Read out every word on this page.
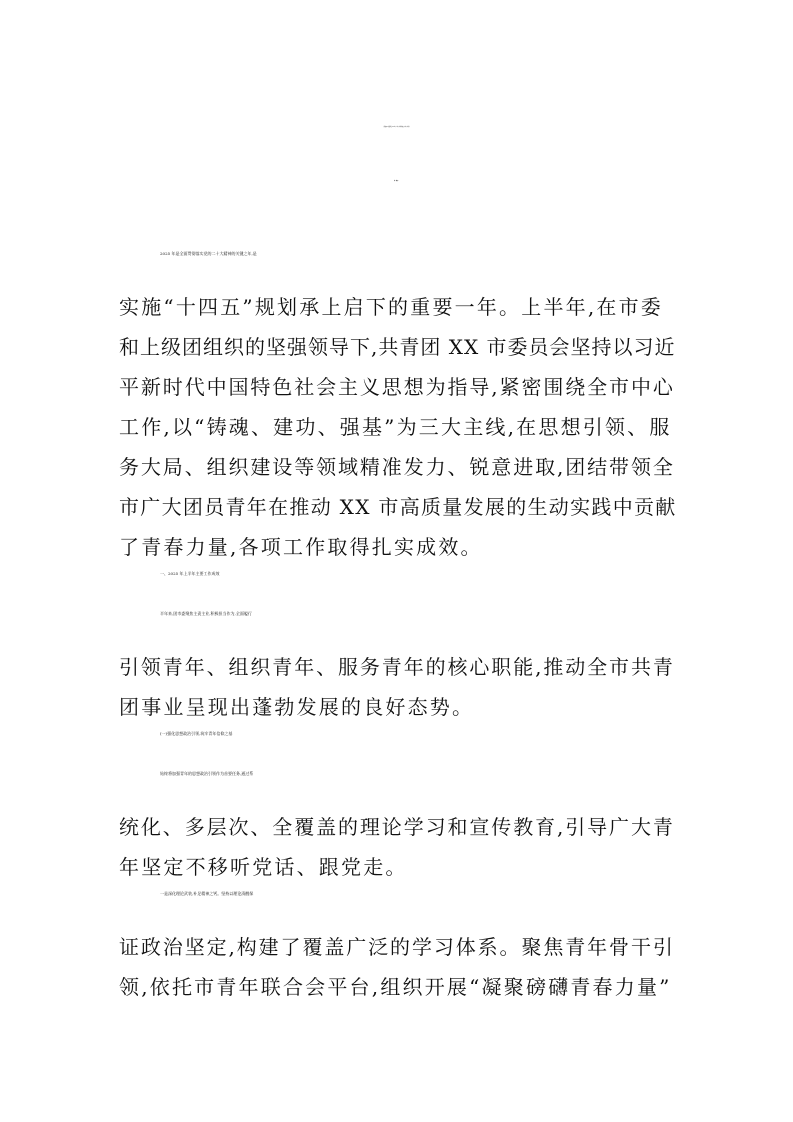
共青团XX市委员会2025年上半年工作总结及下半年工作计
划（精品）
2025 年是全面贯彻落实党的二十大精神的关键之年,是
实施“十四五”规划承上启下的重要一年。上半年,在市委
和上级团组织的坚强领导下,共青团 XX 市委员会坚持以习近
平新时代中国特色社会主义思想为指导,紧密围绕全市中心
工作,以“铸魂、建功、强基”为三大主线,在思想引领、服
务大局、组织建设等领域精准发力、锐意进取,团结带领全
市广大团员青年在推动 XX 市高质量发展的生动实践中贡献
了青春力量,各项工作取得扎实成效。
一、2025 年上半年主要工作成效
半年来,团市委聚焦主责主业,积极担当作为,全面履行
引领青年、组织青年、服务青年的核心职能,推动全市共青
团事业呈现出蓬勃发展的良好态势。
(一)强化思想政治引领,筑牢青年信仰之基
始终将加强青年的思想政治引领作为首要任务,通过系
统化、多层次、全覆盖的理论学习和宣传教育,引导广大青
年坚定不移听党话、跟党走。
一是深化理论武装,补足精神之钙。坚持以理论清醒保
证政治坚定,构建了覆盖广泛的学习体系。聚焦青年骨干引
领,依托市青年联合会平台,组织开展“凝聚磅礴青春力量”
